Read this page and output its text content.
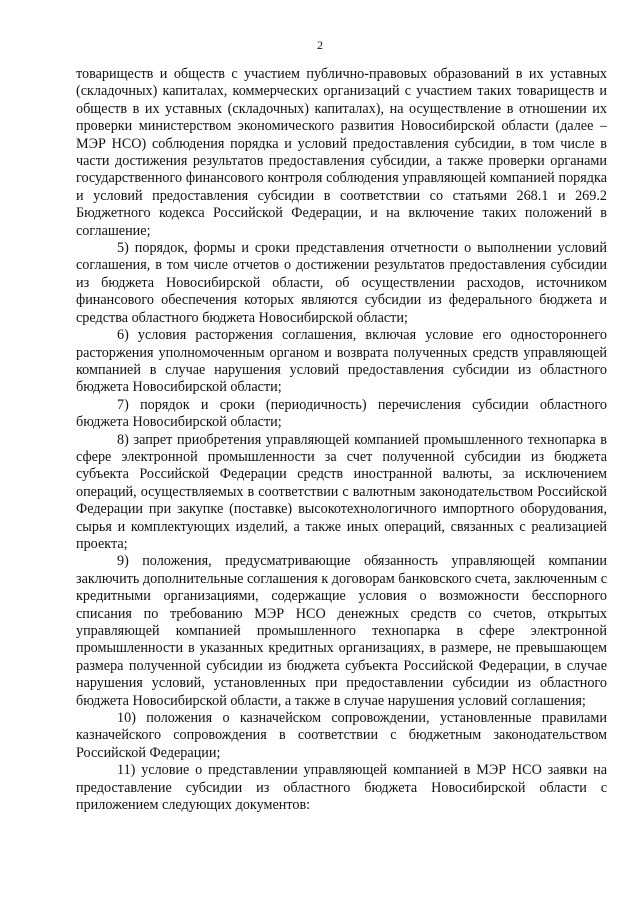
2

товариществ и обществ с участием публично-правовых образований в их уставных (складочных) капиталах, коммерческих организаций с участием таких товариществ и обществ в их уставных (складочных) капиталах), на осуществление в отношении их проверки министерством экономического развития Новосибирской области (далее – МЭР НСО) соблюдения порядка и условий предоставления субсидии, в том числе в части достижения результатов предоставления субсидии, а также проверки органами государственного финансового контроля соблюдения управляющей компанией порядка и условий предоставления субсидии в соответствии со статьями 268.1 и 269.2 Бюджетного кодекса Российской Федерации, и на включение таких положений в соглашение;

5) порядок, формы и сроки представления отчетности о выполнении условий соглашения, в том числе отчетов о достижении результатов предоставления субсидии из бюджета Новосибирской области, об осуществлении расходов, источником финансового обеспечения которых являются субсидии из федерального бюджета и средства областного бюджета Новосибирской области;

6) условия расторжения соглашения, включая условие его одностороннего расторжения уполномоченным органом и возврата полученных средств управляющей компанией в случае нарушения условий предоставления субсидии из областного бюджета Новосибирской области;

7) порядок и сроки (периодичность) перечисления субсидии областного бюджета Новосибирской области;

8) запрет приобретения управляющей компанией промышленного технопарка в сфере электронной промышленности за счет полученной субсидии из бюджета субъекта Российской Федерации средств иностранной валюты, за исключением операций, осуществляемых в соответствии с валютным законодательством Российской Федерации при закупке (поставке) высокотехнологичного импортного оборудования, сырья и комплектующих изделий, а также иных операций, связанных с реализацией проекта;

9) положения, предусматривающие обязанность управляющей компании заключить дополнительные соглашения к договорам банковского счета, заключенным с кредитными организациями, содержащие условия о возможности бесспорного списания по требованию МЭР НСО денежных средств со счетов, открытых управляющей компанией промышленного технопарка в сфере электронной промышленности в указанных кредитных организациях, в размере, не превышающем размера полученной субсидии из бюджета субъекта Российской Федерации, в случае нарушения условий, установленных при предоставлении субсидии из областного бюджета Новосибирской области, а также в случае нарушения условий соглашения;

10) положения о казначейском сопровождении, установленные правилами казначейского сопровождения в соответствии с бюджетным законодательством Российской Федерации;

11) условие о представлении управляющей компанией в МЭР НСО заявки на предоставление субсидии из областного бюджета Новосибирской области с приложением следующих документов:
